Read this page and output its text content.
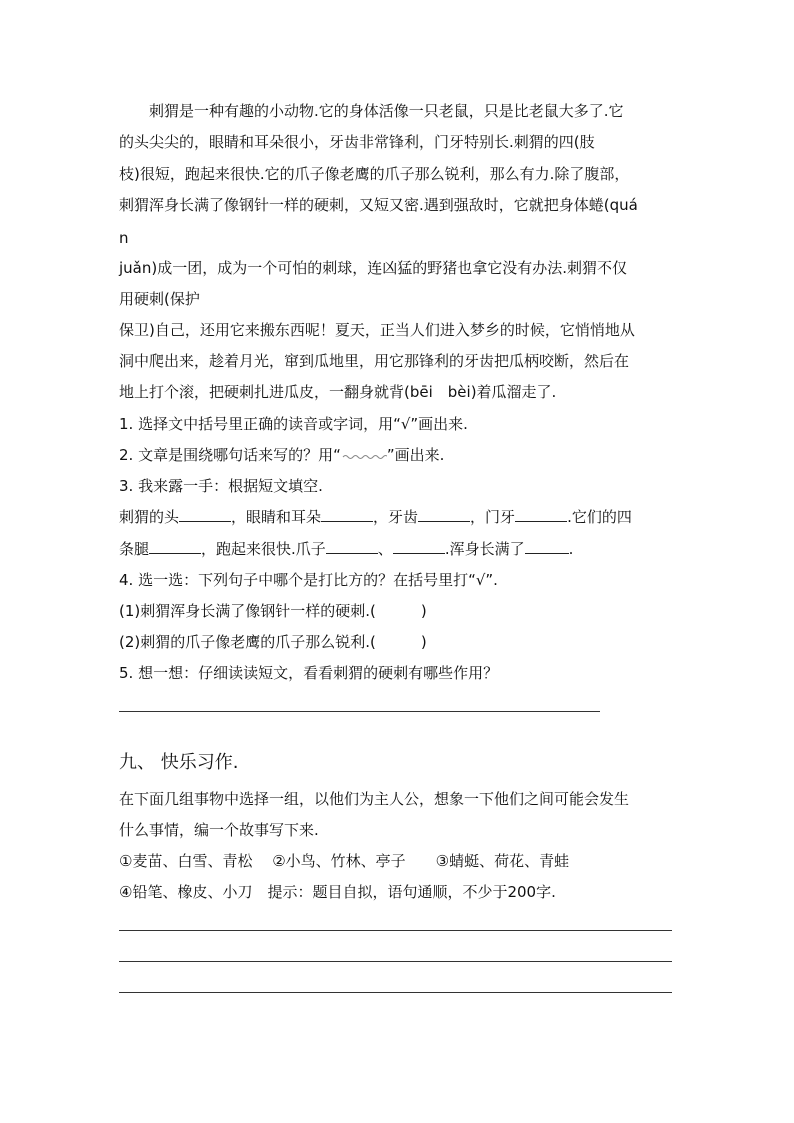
　　刺猬是一种有趣的小动物.它的身体活像一只老鼠，只是比老鼠大多了.它
的头尖尖的，眼睛和耳朵很小，牙齿非常锋利，门牙特别长.刺猬的四(肢
枝)很短，跑起来很快.它的爪子像老鹰的爪子那么锐利，那么有力.除了腹部，
刺猬浑身长满了像钢针一样的硬刺，又短又密.遇到强敌时，它就把身体蜷(quá
n
juǎn)成一团，成为一个可怕的刺球，连凶猛的野猪也拿它没有办法.刺猬不仅
用硬刺(保护
保卫)自己，还用它来搬东西呢！夏天，正当人们进入梦乡的时候，它悄悄地从
洞中爬出来，趁着月光，窜到瓜地里，用它那锋利的牙齿把瓜柄咬断，然后在
地上打个滚，把硬刺扎进瓜皮，一翻身就背(bēi　bèi)着瓜溜走了.
1. 选择文中括号里正确的读音或字词，用“√”画出来.
2. 文章是围绕哪句话来写的？用“	”画出来.
3. 我来露一手：根据短文填空.
刺猬的头	，眼睛和耳朵	，牙齿	，门牙	.它们的四
条腿	，跑起来很快.爪子	、	.浑身长满了	.
4. 选一选：下列句子中哪个是打比方的？在括号里打“√”.
(1)刺猬浑身长满了像钢针一样的硬刺.(　　　)
(2)刺猬的爪子像老鹰的爪子那么锐利.(　　　)
5. 想一想：仔细读读短文，看看刺猬的硬刺有哪些作用？
九、 快乐习作.
在下面几组事物中选择一组，以他们为主人公，想象一下他们之间可能会发生
什么事情，编一个故事写下来.
①麦苗、白雪、青松　 ②小鸟、竹林、亭子　　③蜻蜓、荷花、青蛙
④铅笔、橡皮、小刀　提示：题目自拟，语句通顺，不少于200字.
